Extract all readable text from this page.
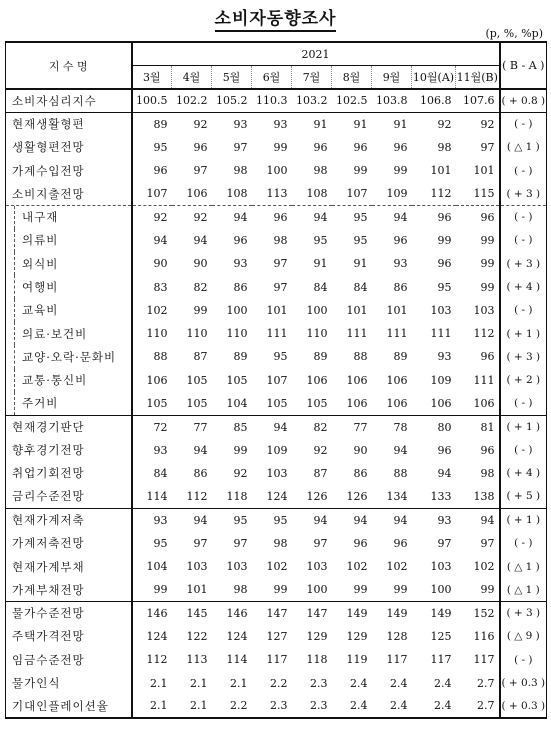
소비자동향조사
(p, %, %p)
지 수 명	2021									( B - A )
	3월	4월	5월	6월	7월	8월	9월	10월(A)	11월(B)	
소비자심리지수	100.5	102.2	105.2	110.3	103.2	102.5	103.8	106.8	107.6	( + 0.8 )
현재생활형편	89	92	93	93	91	91	91	92	92	( - )
생활형편전망	95	96	97	99	96	96	96	98	97	( △ 1 )
가계수입전망	96	97	98	100	98	99	99	101	101	( - )
소비지출전망	107	106	108	113	108	107	109	112	115	( + 3 )
내구재	92	92	94	96	94	95	94	96	96	( - )
의류비	94	94	96	98	95	95	96	99	99	( - )
외식비	90	90	93	97	91	91	93	96	99	( + 3 )
여행비	83	82	86	97	84	84	86	95	99	( + 4 )
교육비	102	99	100	101	100	101	101	103	103	( - )
의료·보건비	110	110	110	111	110	111	111	111	112	( + 1 )
교양·오락·문화비	88	87	89	95	89	88	89	93	96	( + 3 )
교통·통신비	106	105	105	107	106	106	106	109	111	( + 2 )
주거비	105	105	104	105	105	106	106	106	106	( - )
현재경기판단	72	77	85	94	82	77	78	80	81	( + 1 )
향후경기전망	93	94	99	109	92	90	94	96	96	( - )
취업기회전망	84	86	92	103	87	86	88	94	98	( + 4 )
금리수준전망	114	112	118	124	126	126	134	133	138	( + 5 )
현재가계저축	93	94	95	95	94	94	94	93	94	( + 1 )
가계저축전망	95	97	97	98	97	96	96	97	97	( - )
현재가계부채	104	103	103	102	103	102	102	103	102	( △ 1 )
가계부채전망	99	101	98	99	100	99	99	100	99	( △ 1 )
물가수준전망	146	145	146	147	147	149	149	149	152	( + 3 )
주택가격전망	124	122	124	127	129	129	128	125	116	( △ 9 )
임금수준전망	112	113	114	117	118	119	117	117	117	( - )
물가인식	2.1	2.1	2.1	2.2	2.3	2.4	2.4	2.4	2.7	( + 0.3 )
기대인플레이션율	2.1	2.1	2.2	2.3	2.3	2.4	2.4	2.4	2.7	( + 0.3 )
